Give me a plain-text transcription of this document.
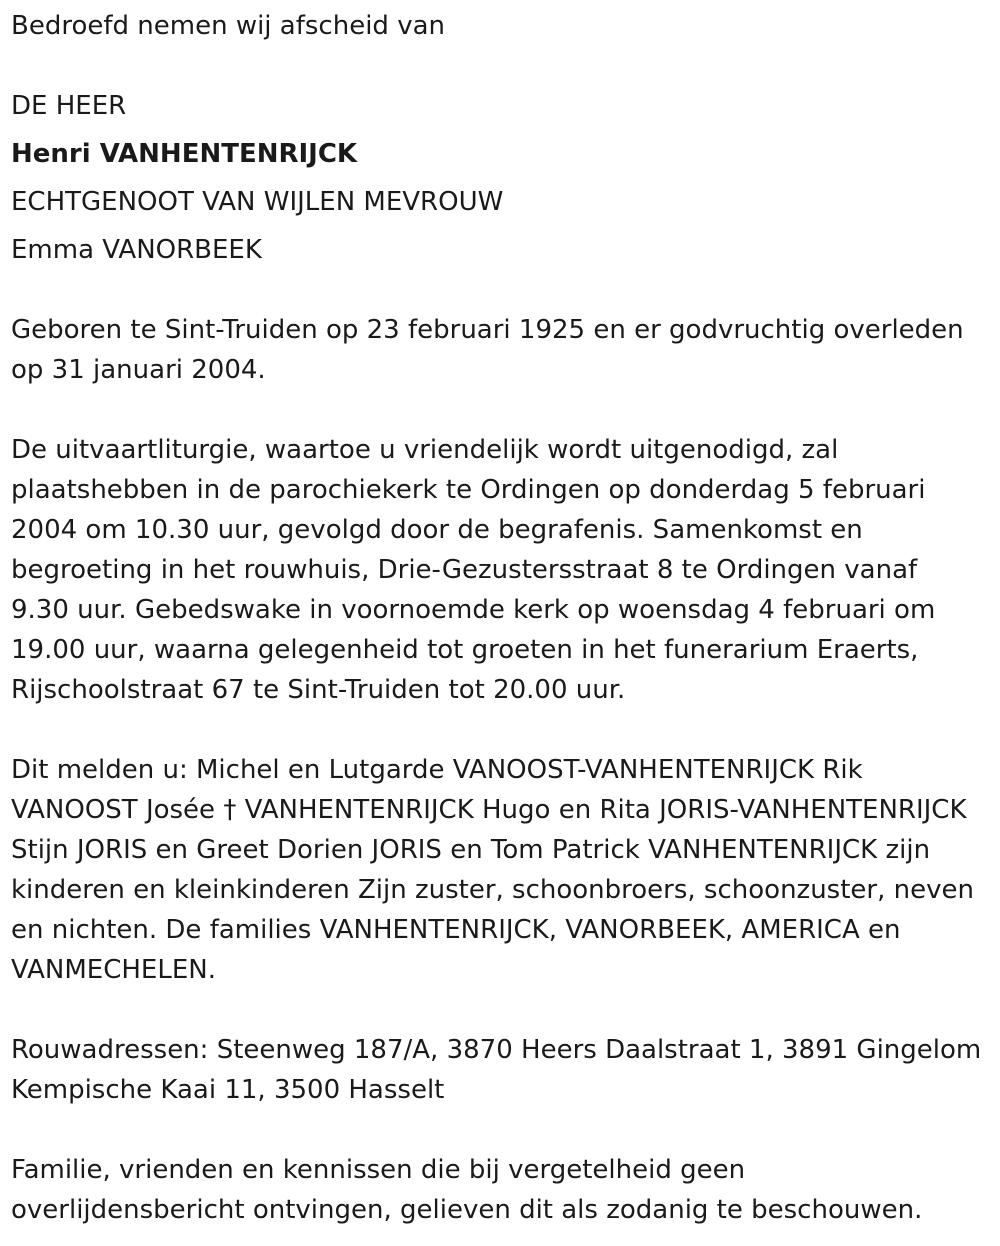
Bedroefd nemen wij afscheid van
DE HEER
Henri VANHENTENRIJCK
ECHTGENOOT VAN WIJLEN MEVROUW
Emma VANORBEEK
Geboren te Sint-Truiden op 23 februari 1925 en er godvruchtig overleden
op 31 januari 2004.
De uitvaartliturgie, waartoe u vriendelijk wordt uitgenodigd, zal
plaatshebben in de parochiekerk te Ordingen op donderdag 5 februari
2004 om 10.30 uur, gevolgd door de begrafenis. Samenkomst en
begroeting in het rouwhuis, Drie-Gezustersstraat 8 te Ordingen vanaf
9.30 uur. Gebedswake in voornoemde kerk op woensdag 4 februari om
19.00 uur, waarna gelegenheid tot groeten in het funerarium Eraerts,
Rijschoolstraat 67 te Sint-Truiden tot 20.00 uur.
Dit melden u: Michel en Lutgarde VANOOST-VANHENTENRIJCK Rik
VANOOST Josée † VANHENTENRIJCK Hugo en Rita JORIS-VANHENTENRIJCK
Stijn JORIS en Greet Dorien JORIS en Tom Patrick VANHENTENRIJCK zijn
kinderen en kleinkinderen Zijn zuster, schoonbroers, schoonzuster, neven
en nichten. De families VANHENTENRIJCK, VANORBEEK, AMERICA en
VANMECHELEN.
Rouwadressen: Steenweg 187/A, 3870 Heers Daalstraat 1, 3891 Gingelom
Kempische Kaai 11, 3500 Hasselt
Familie, vrienden en kennissen die bij vergetelheid geen
overlijdensbericht ontvingen, gelieven dit als zodanig te beschouwen.
